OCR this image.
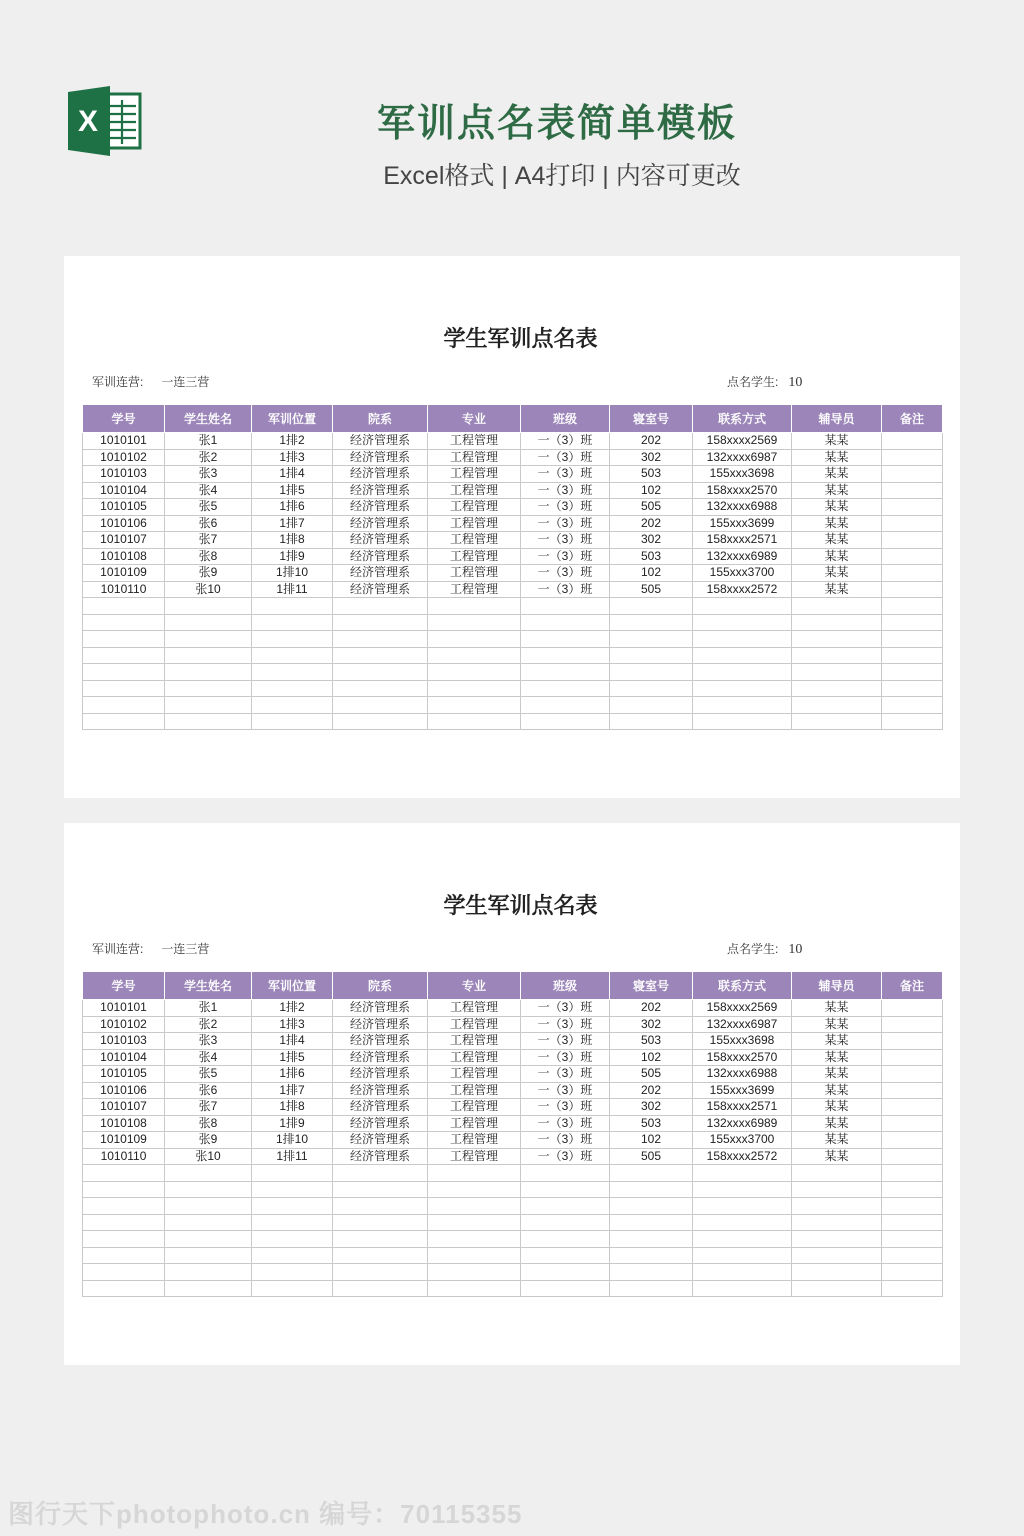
X	军训点名表简单模板
Excel格式 | A4打印 | 内容可更改
学生军训点名表
军训连营: 一连三营	点名学生: 10
学号	学生姓名	军训位置	院系	专业	班级	寝室号	联系方式	辅导员	备注
1010101	张1	1排2	经济管理系	工程管理	一（3）班	202	158xxxx2569	某某	
1010102	张2	1排3	经济管理系	工程管理	一（3）班	302	132xxxx6987	某某	
1010103	张3	1排4	经济管理系	工程管理	一（3）班	503	155xxx3698	某某	
1010104	张4	1排5	经济管理系	工程管理	一（3）班	102	158xxxx2570	某某	
1010105	张5	1排6	经济管理系	工程管理	一（3）班	505	132xxxx6988	某某	
1010106	张6	1排7	经济管理系	工程管理	一（3）班	202	155xxx3699	某某	
1010107	张7	1排8	经济管理系	工程管理	一（3）班	302	158xxxx2571	某某	
1010108	张8	1排9	经济管理系	工程管理	一（3）班	503	132xxxx6989	某某	
1010109	张9	1排10	经济管理系	工程管理	一（3）班	102	155xxx3700	某某	
1010110	张10	1排11	经济管理系	工程管理	一（3）班	505	158xxxx2572	某某	

学生军训点名表
军训连营: 一连三营	点名学生: 10
学号	学生姓名	军训位置	院系	专业	班级	寝室号	联系方式	辅导员	备注
1010101	张1	1排2	经济管理系	工程管理	一（3）班	202	158xxxx2569	某某	
1010102	张2	1排3	经济管理系	工程管理	一（3）班	302	132xxxx6987	某某	
1010103	张3	1排4	经济管理系	工程管理	一（3）班	503	155xxx3698	某某	
1010104	张4	1排5	经济管理系	工程管理	一（3）班	102	158xxxx2570	某某	
1010105	张5	1排6	经济管理系	工程管理	一（3）班	505	132xxxx6988	某某	
1010106	张6	1排7	经济管理系	工程管理	一（3）班	202	155xxx3699	某某	
1010107	张7	1排8	经济管理系	工程管理	一（3）班	302	158xxxx2571	某某	
1010108	张8	1排9	经济管理系	工程管理	一（3）班	503	132xxxx6989	某某	
1010109	张9	1排10	经济管理系	工程管理	一（3）班	102	155xxx3700	某某	
1010110	张10	1排11	经济管理系	工程管理	一（3）班	505	158xxxx2572	某某	

图行天下photophoto.cn 编号：70115355
